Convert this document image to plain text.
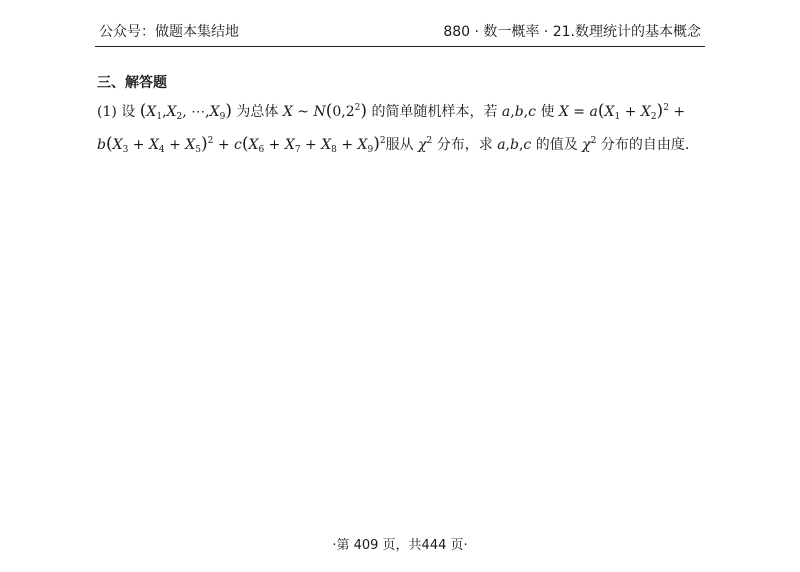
公众号：做题本集结地	880 · 数一概率 · 21.数理统计的基本概念
三、解答题
(1) 设 ($X_1,X_2$, $\cdots,X_9$) 为总体 X ~ $N(0,2^2)$ 的简单随机样本，若 a,b,c 使 $X = a(X_1 + X_2)^2$ +
$b(X_3 + X_4 + X_5)^2 + c(X_6 + X_7 + X_8 + X_9)^2$服从 $\chi^2$ 分布，求 a,b,c 的值及 $\chi^2$ 分布的自由度.
·第 409 页，共444 页·
